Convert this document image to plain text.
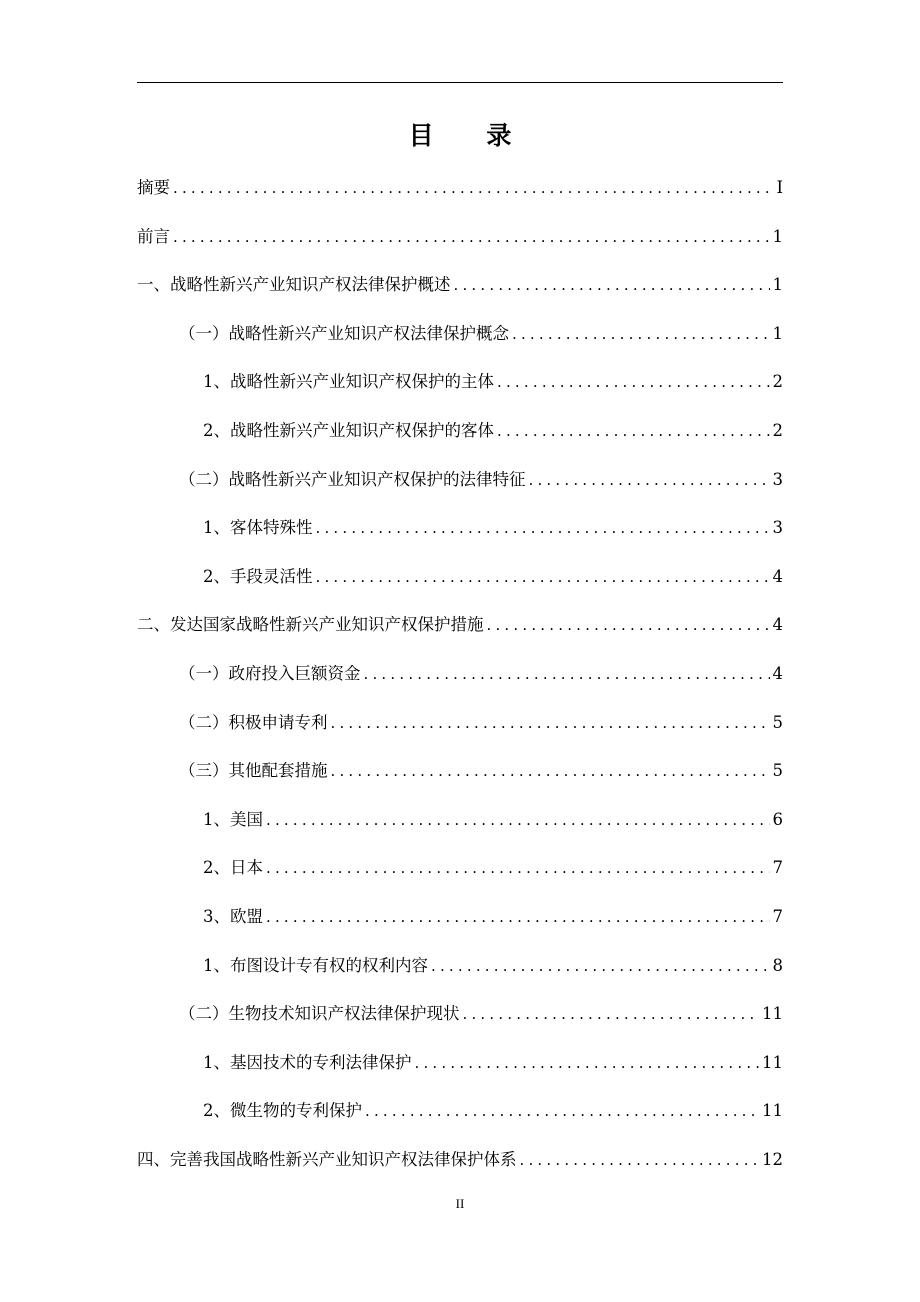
目 录
摘要 .....	I
前言 .....	1
一、战略性新兴产业知识产权法律保护概述 .....	1
（一）战略性新兴产业知识产权法律保护概念 .....	1
1、战略性新兴产业知识产权保护的主体 .....	2
2、战略性新兴产业知识产权保护的客体 .....	2
（二）战略性新兴产业知识产权保护的法律特征 .....	3
1、客体特殊性 .....	3
2、手段灵活性 .....	4
二、发达国家战略性新兴产业知识产权保护措施 .....	4
（一）政府投入巨额资金 .....	4
（二）积极申请专利 .....	5
（三）其他配套措施 .....	5
1、美国 .....	6
2、日本 .....	7
3、欧盟 .....	7
1、布图设计专有权的权利内容 .....	8
（二）生物技术知识产权法律保护现状 .....	11
1、基因技术的专利法律保护 .....	11
2、微生物的专利保护 .....	11
四、完善我国战略性新兴产业知识产权法律保护体系 .....	12
II
